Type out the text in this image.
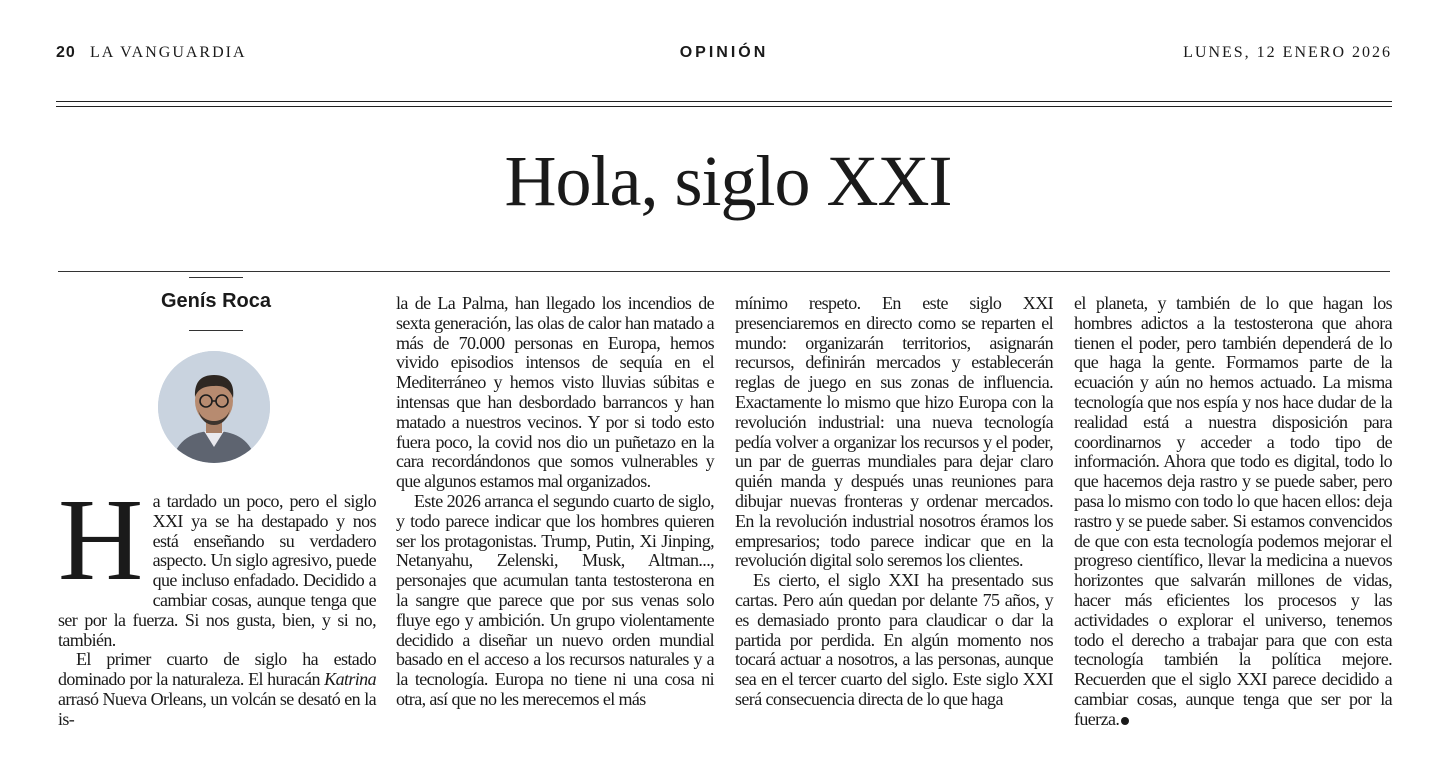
20 LA VANGUARDIA	OPINIÓN	LUNES, 12 ENERO 2026
Hola, siglo XXI
Genís Roca

Ha tardado un poco, pero el siglo XXI ya se ha destapado y nos está enseñando su verdadero aspecto. Un siglo agresivo, puede que incluso enfadado. Decidido a cambiar cosas, aunque tenga que ser por la fuerza. Si nos gusta, bien, y si no, también.

El primer cuarto de siglo ha estado dominado por la naturaleza. El huracán Katrina arrasó Nueva Orleans, un volcán se desató en la is-

la de La Palma, han llegado los incendios de sexta generación, las olas de calor han matado a más de 70.000 personas en Europa, hemos vivido episodios intensos de sequía en el Mediterráneo y hemos visto lluvias súbitas e intensas que han desbordado barrancos y han matado a nuestros vecinos. Y por si todo esto fuera poco, la covid nos dio un puñetazo en la cara recordándonos que somos vulnerables y que algunos estamos mal organizados.

Este 2026 arranca el segundo cuarto de siglo, y todo parece indicar que los hombres quieren ser los protagonistas. Trump, Putin, Xi Jinping, Netanyahu, Zelenski, Musk, Altman..., personajes que acumulan tanta testosterona en la sangre que parece que por sus venas solo fluye ego y ambición. Un grupo violentamente decidido a diseñar un nuevo orden mundial basado en el acceso a los recursos naturales y a la tecnología. Europa no tiene ni una cosa ni otra, así que no les merecemos el más

mínimo respeto. En este siglo XXI presenciaremos en directo como se reparten el mundo: organizarán territorios, asignarán recursos, definirán mercados y establecerán reglas de juego en sus zonas de influencia. Exactamente lo mismo que hizo Europa con la revolución industrial: una nueva tecnología pedía volver a organizar los recursos y el poder, un par de guerras mundiales para dejar claro quién manda y después unas reuniones para dibujar nuevas fronteras y ordenar mercados. En la revolución industrial nosotros éramos los empresarios; todo parece indicar que en la revolución digital solo seremos los clientes.

Es cierto, el siglo XXI ha presentado sus cartas. Pero aún quedan por delante 75 años, y es demasiado pronto para claudicar o dar la partida por perdida. En algún momento nos tocará actuar a nosotros, a las personas, aunque sea en el tercer cuarto del siglo. Este siglo XXI será consecuencia directa de lo que haga

el planeta, y también de lo que hagan los hombres adictos a la testosterona que ahora tienen el poder, pero también dependerá de lo que haga la gente. Formamos parte de la ecuación y aún no hemos actuado. La misma tecnología que nos espía y nos hace dudar de la realidad está a nuestra disposición para coordinarnos y acceder a todo tipo de información. Ahora que todo es digital, todo lo que hacemos deja rastro y se puede saber, pero pasa lo mismo con todo lo que hacen ellos: deja rastro y se puede saber. Si estamos convencidos de que con esta tecnología podemos mejorar el progreso científico, llevar la medicina a nuevos horizontes que salvarán millones de vidas, hacer más eficientes los procesos y las actividades o explorar el universo, tenemos todo el derecho a trabajar para que con esta tecnología también la política mejore. Recuerden que el siglo XXI parece decidido a cambiar cosas, aunque tenga que ser por la fuerza.
